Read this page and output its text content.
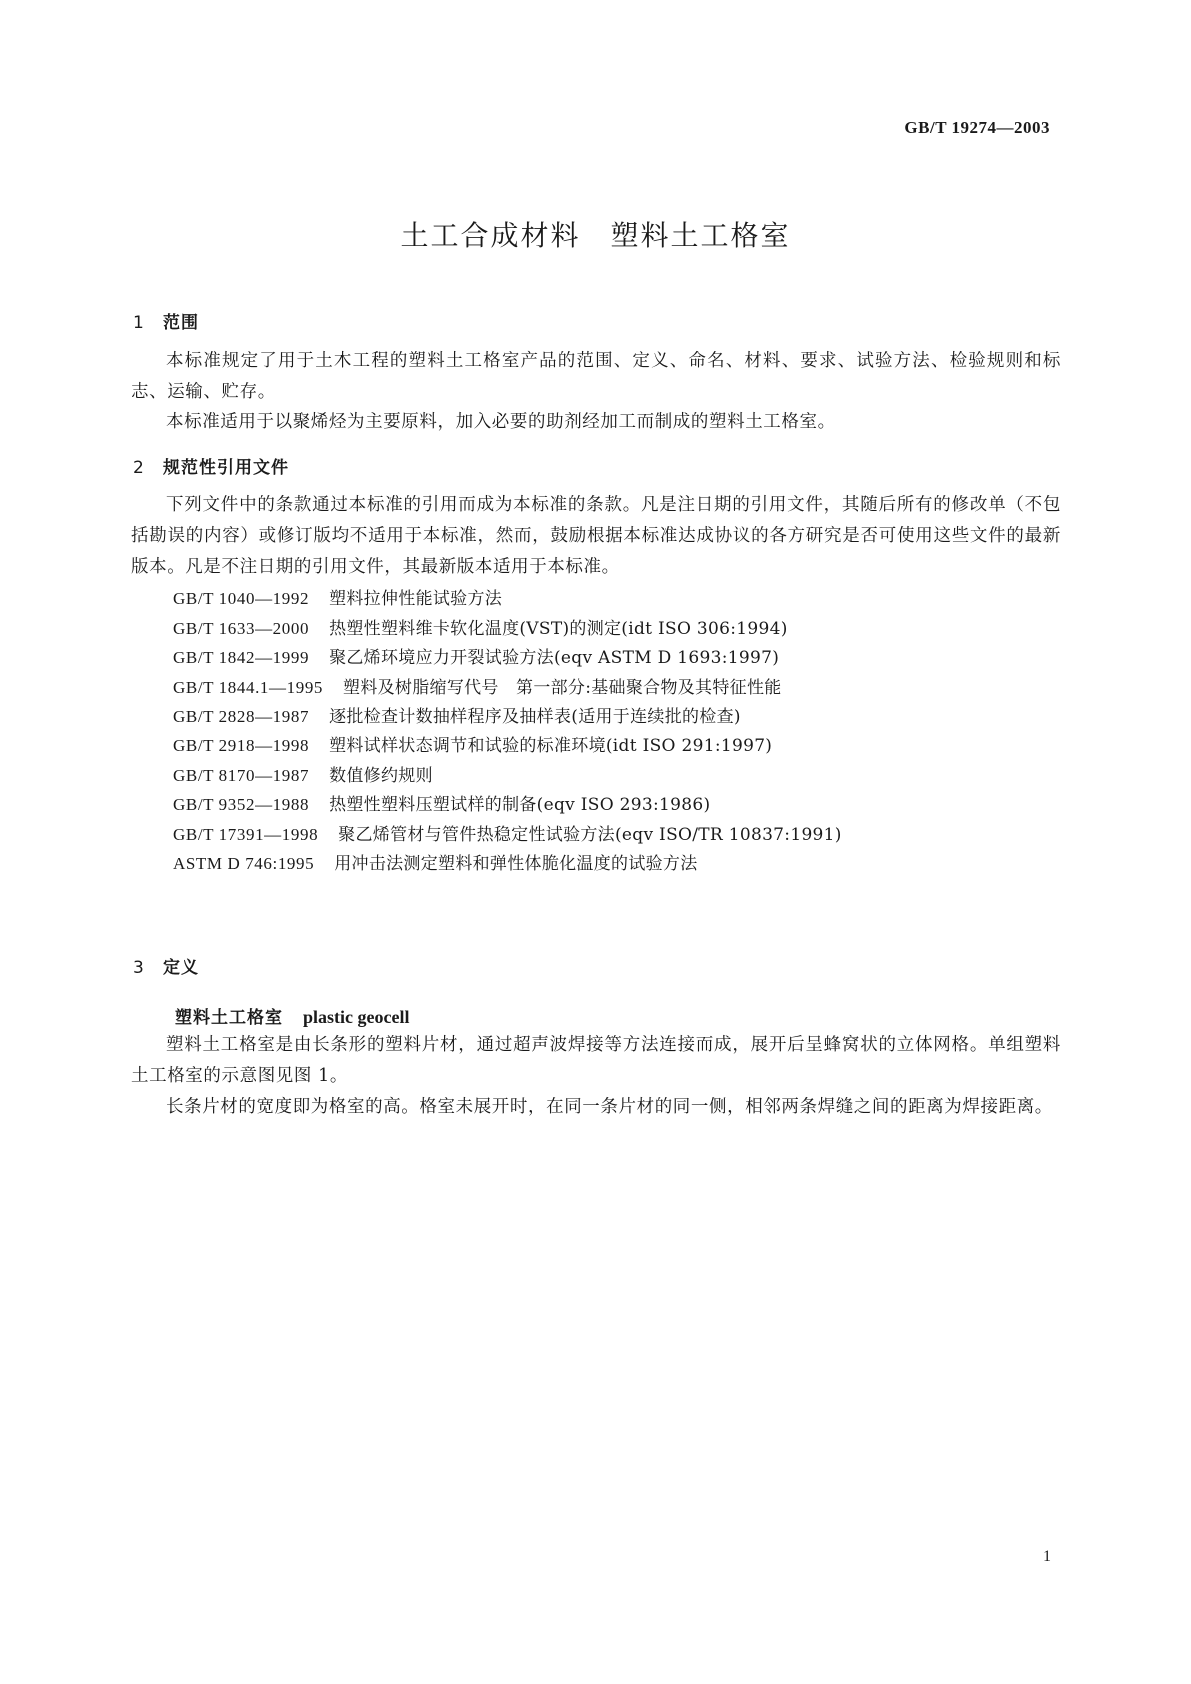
GB/T 19274—2003
土工合成材料　塑料土工格室
1 范围
本标准规定了用于土木工程的塑料土工格室产品的范围、定义、命名、材料、要求、试验方法、检验规则和标志、运输、贮存。
本标准适用于以聚烯烃为主要原料，加入必要的助剂经加工而制成的塑料土工格室。
2 规范性引用文件
下列文件中的条款通过本标准的引用而成为本标准的条款。凡是注日期的引用文件，其随后所有的修改单（不包括勘误的内容）或修订版均不适用于本标准，然而，鼓励根据本标准达成协议的各方研究是否可使用这些文件的最新版本。凡是不注日期的引用文件，其最新版本适用于本标准。
GB/T 1040—1992 塑料拉伸性能试验方法
GB/T 1633—2000 热塑性塑料维卡软化温度(VST)的测定(idt ISO 306:1994)
GB/T 1842—1999 聚乙烯环境应力开裂试验方法(eqv ASTM D 1693:1997)
GB/T 1844.1—1995 塑料及树脂缩写代号　第一部分:基础聚合物及其特征性能
GB/T 2828—1987 逐批检查计数抽样程序及抽样表(适用于连续批的检查)
GB/T 2918—1998 塑料试样状态调节和试验的标准环境(idt ISO 291:1997)
GB/T 8170—1987 数值修约规则
GB/T 9352—1988 热塑性塑料压塑试样的制备(eqv ISO 293:1986)
GB/T 17391—1998 聚乙烯管材与管件热稳定性试验方法(eqv ISO/TR 10837:1991)
ASTM D 746:1995 用冲击法测定塑料和弹性体脆化温度的试验方法
3 定义
塑料土工格室 plastic geocell
塑料土工格室是由长条形的塑料片材，通过超声波焊接等方法连接而成，展开后呈蜂窝状的立体网格。单组塑料土工格室的示意图见图 1。
长条片材的宽度即为格室的高。格室未展开时，在同一条片材的同一侧，相邻两条焊缝之间的距离为焊接距离。
1
